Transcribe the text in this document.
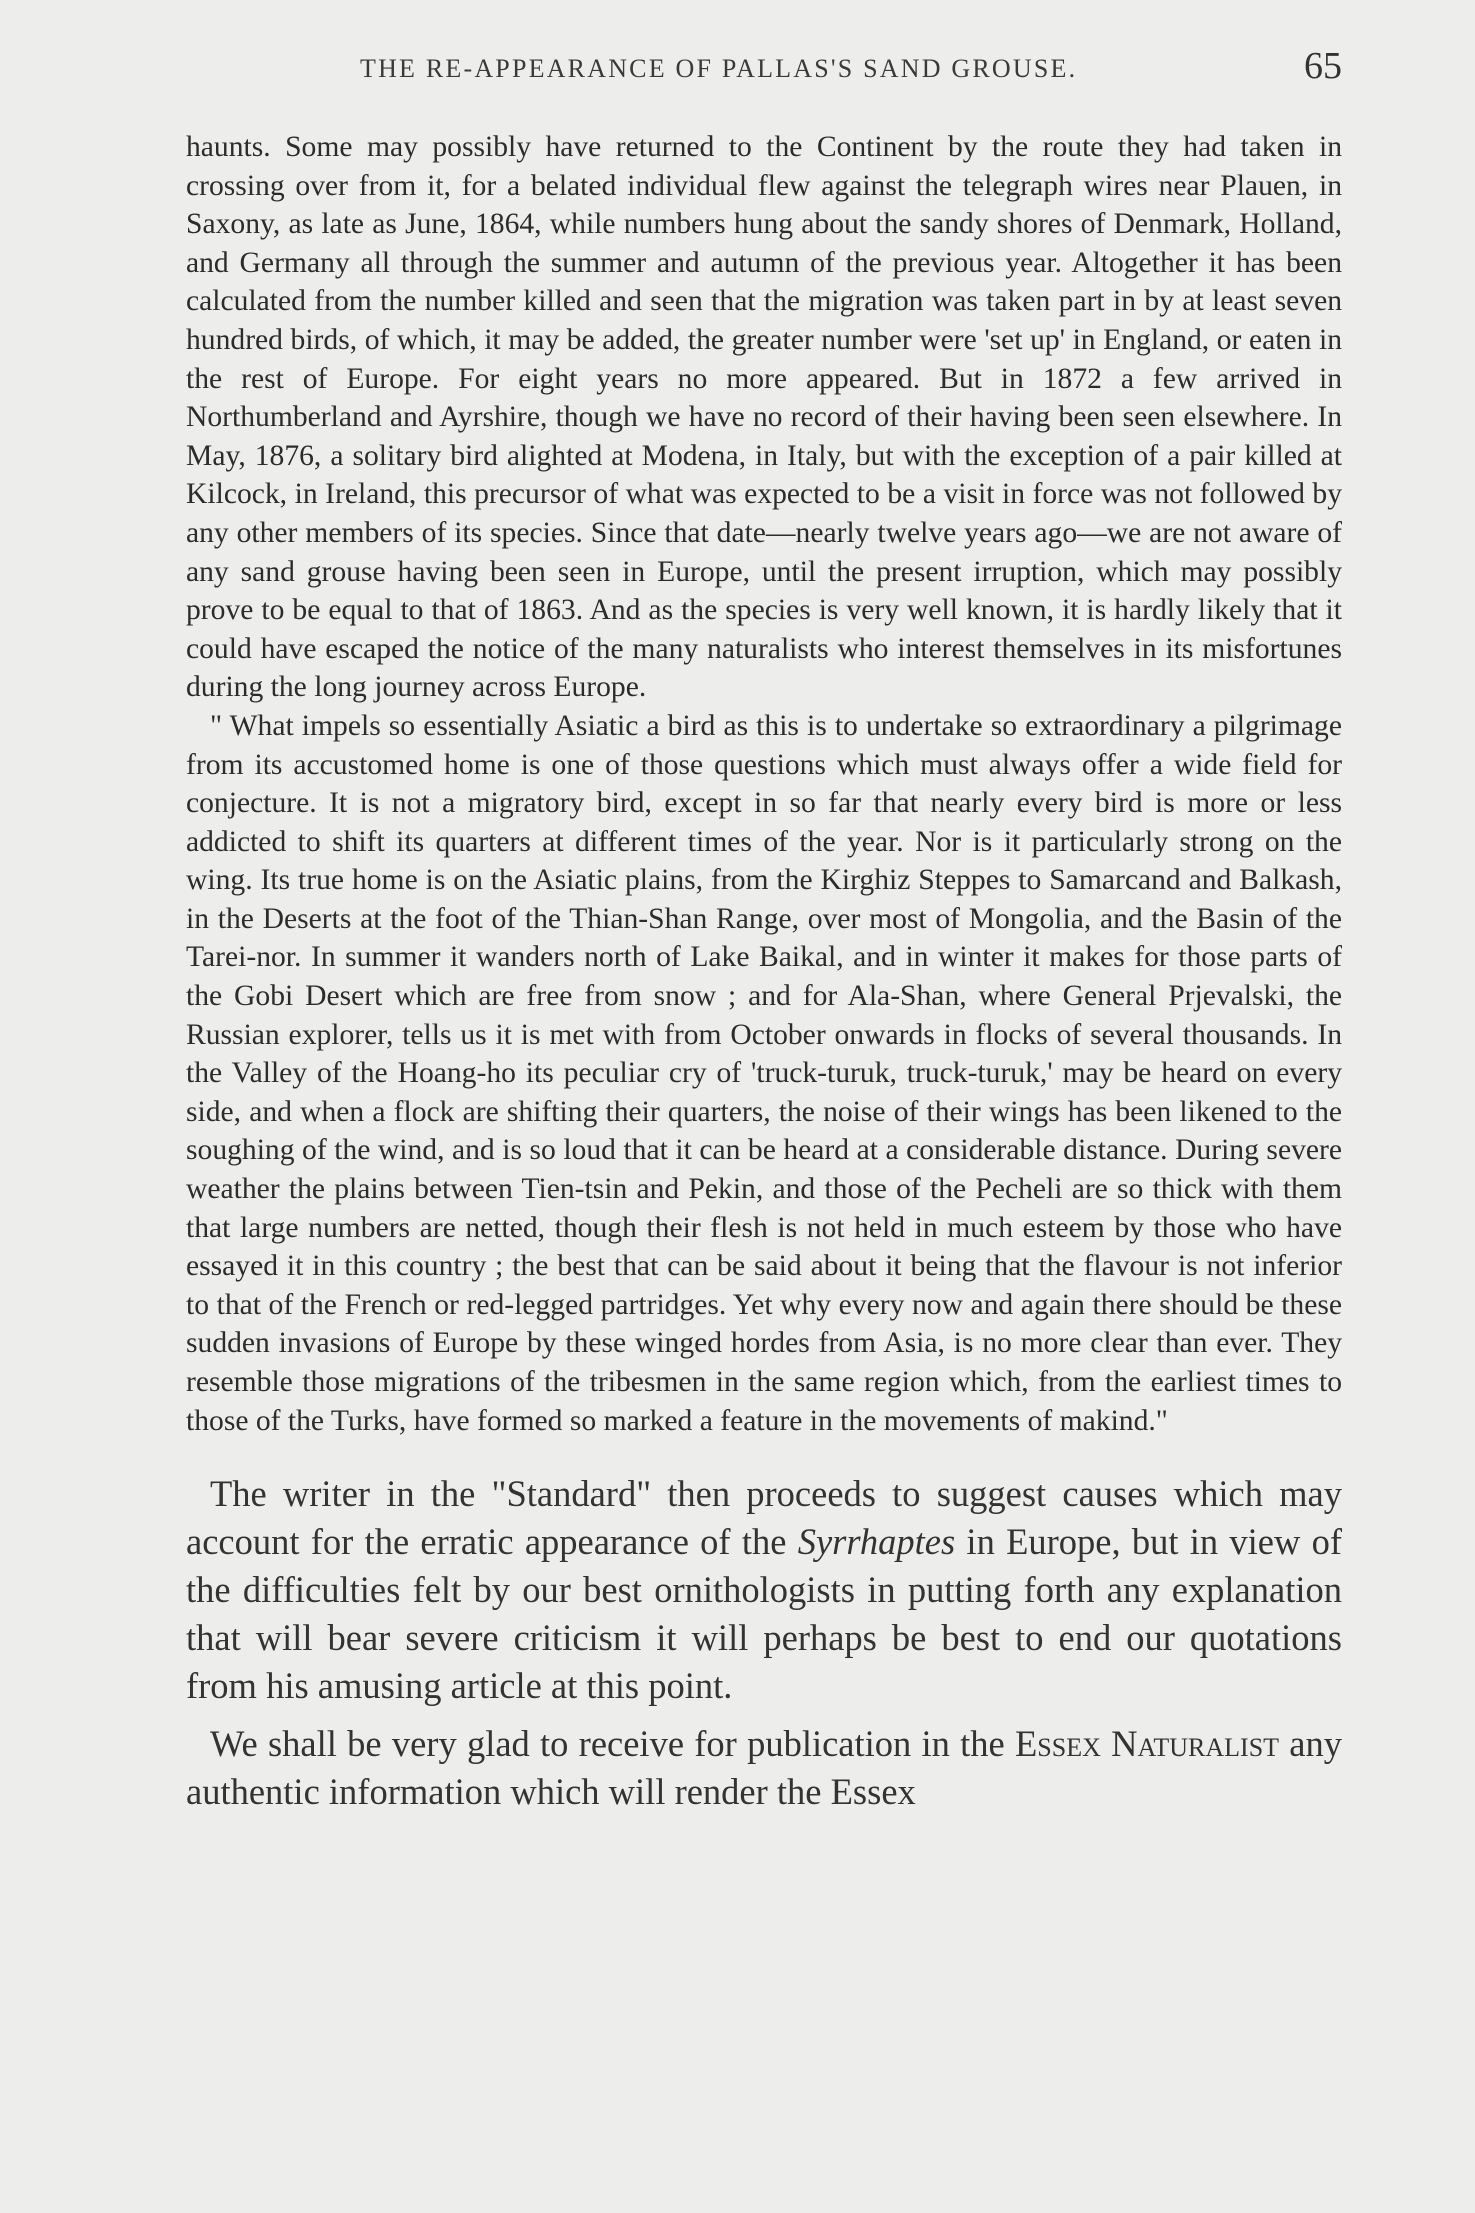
THE RE-APPEARANCE OF PALLAS'S SAND GROUSE.	65

haunts. Some may possibly have returned to the Continent by the route they had taken in crossing over from it, for a belated individual flew against the telegraph wires near Plauen, in Saxony, as late as June, 1864, while numbers hung about the sandy shores of Denmark, Holland, and Germany all through the summer and autumn of the previous year. Altogether it has been calculated from the number killed and seen that the migration was taken part in by at least seven hundred birds, of which, it may be added, the greater number were 'set up' in England, or eaten in the rest of Europe. For eight years no more appeared. But in 1872 a few arrived in Northumberland and Ayrshire, though we have no record of their having been seen elsewhere. In May, 1876, a solitary bird alighted at Modena, in Italy, but with the exception of a pair killed at Kilcock, in Ireland, this precursor of what was expected to be a visit in force was not followed by any other members of its species. Since that date—nearly twelve years ago—we are not aware of any sand grouse having been seen in Europe, until the present irruption, which may possibly prove to be equal to that of 1863. And as the species is very well known, it is hardly likely that it could have escaped the notice of the many naturalists who interest themselves in its misfortunes during the long journey across Europe.

" What impels so essentially Asiatic a bird as this is to undertake so extraordinary a pilgrimage from its accustomed home is one of those questions which must always offer a wide field for conjecture. It is not a migratory bird, except in so far that nearly every bird is more or less addicted to shift its quarters at different times of the year. Nor is it particularly strong on the wing. Its true home is on the Asiatic plains, from the Kirghiz Steppes to Samarcand and Balkash, in the Deserts at the foot of the Thian-Shan Range, over most of Mongolia, and the Basin of the Tarei-nor. In summer it wanders north of Lake Baikal, and in winter it makes for those parts of the Gobi Desert which are free from snow ; and for Ala-Shan, where General Prjevalski, the Russian explorer, tells us it is met with from October onwards in flocks of several thousands. In the Valley of the Hoang-ho its peculiar cry of 'truck-turuk, truck-turuk,' may be heard on every side, and when a flock are shifting their quarters, the noise of their wings has been likened to the soughing of the wind, and is so loud that it can be heard at a considerable distance. During severe weather the plains between Tien-tsin and Pekin, and those of the Pecheli are so thick with them that large numbers are netted, though their flesh is not held in much esteem by those who have essayed it in this country ; the best that can be said about it being that the flavour is not inferior to that of the French or red-legged partridges. Yet why every now and again there should be these sudden invasions of Europe by these winged hordes from Asia, is no more clear than ever. They resemble those migrations of the tribesmen in the same region which, from the earliest times to those of the Turks, have formed so marked a feature in the movements of makind."

The writer in the "Standard" then proceeds to suggest causes which may account for the erratic appearance of the Syrrhaptes in Europe, but in view of the difficulties felt by our best ornithologists in putting forth any explanation that will bear severe criticism it will perhaps be best to end our quotations from his amusing article at this point.

We shall be very glad to receive for publication in the Essex Naturalist any authentic information which will render the Essex
